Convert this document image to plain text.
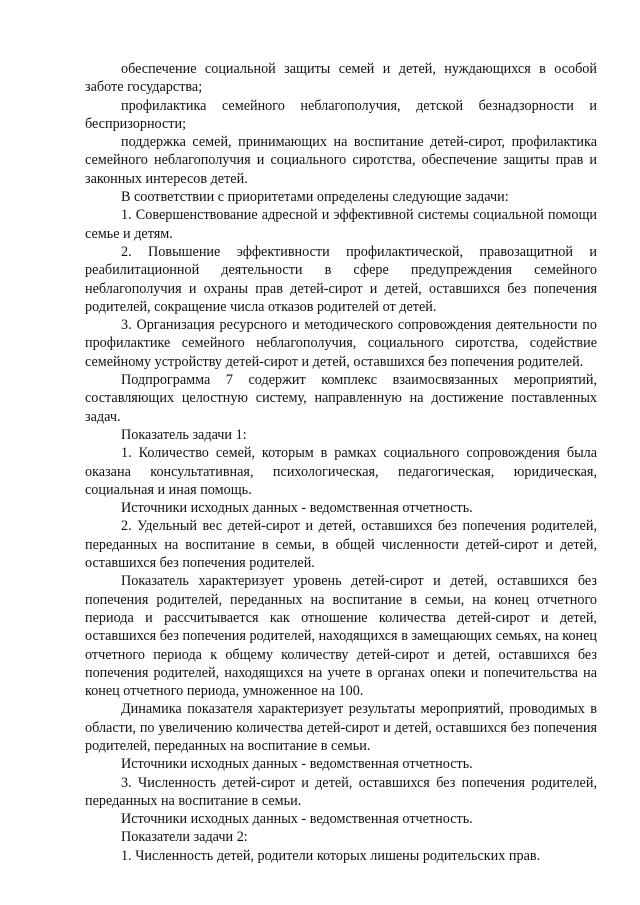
обеспечение социальной защиты семей и детей, нуждающихся в особой заботе государства;

профилактика семейного неблагополучия, детской безнадзорности и беспризорности;

поддержка семей, принимающих на воспитание детей-сирот, профилактика семейного неблагополучия и социального сиротства, обеспечение защиты прав и законных интересов детей.

В соответствии с приоритетами определены следующие задачи:

1. Совершенствование адресной и эффективной системы социальной помощи семье и детям.

2. Повышение эффективности профилактической, правозащитной и реабилитационной деятельности в сфере предупреждения семейного неблагополучия и охраны прав детей-сирот и детей, оставшихся без попечения родителей, сокращение числа отказов родителей от детей.

3. Организация ресурсного и методического сопровождения деятельности по профилактике семейного неблагополучия, социального сиротства, содействие семейному устройству детей-сирот и детей, оставшихся без попечения родителей.

Подпрограмма 7 содержит комплекс взаимосвязанных мероприятий, составляющих целостную систему, направленную на достижение поставленных задач.

Показатель задачи 1:

1. Количество семей, которым в рамках социального сопровождения была оказана консультативная, психологическая, педагогическая, юридическая, социальная и иная помощь.

Источники исходных данных - ведомственная отчетность.

2. Удельный вес детей-сирот и детей, оставшихся без попечения родителей, переданных на воспитание в семьи, в общей численности детей-сирот и детей, оставшихся без попечения родителей.

Показатель характеризует уровень детей-сирот и детей, оставшихся без попечения родителей, переданных на воспитание в семьи, на конец отчетного периода и рассчитывается как отношение количества детей-сирот и детей, оставшихся без попечения родителей, находящихся в замещающих семьях, на конец отчетного периода к общему количеству детей-сирот и детей, оставшихся без попечения родителей, находящихся на учете в органах опеки и попечительства на конец отчетного периода, умноженное на 100.

Динамика показателя характеризует результаты мероприятий, проводимых в области, по увеличению количества детей-сирот и детей, оставшихся без попечения родителей, переданных на воспитание в семьи.

Источники исходных данных - ведомственная отчетность.

3. Численность детей-сирот и детей, оставшихся без попечения родителей, переданных на воспитание в семьи.

Источники исходных данных - ведомственная отчетность.

Показатели задачи 2:

1. Численность детей, родители которых лишены родительских прав.
